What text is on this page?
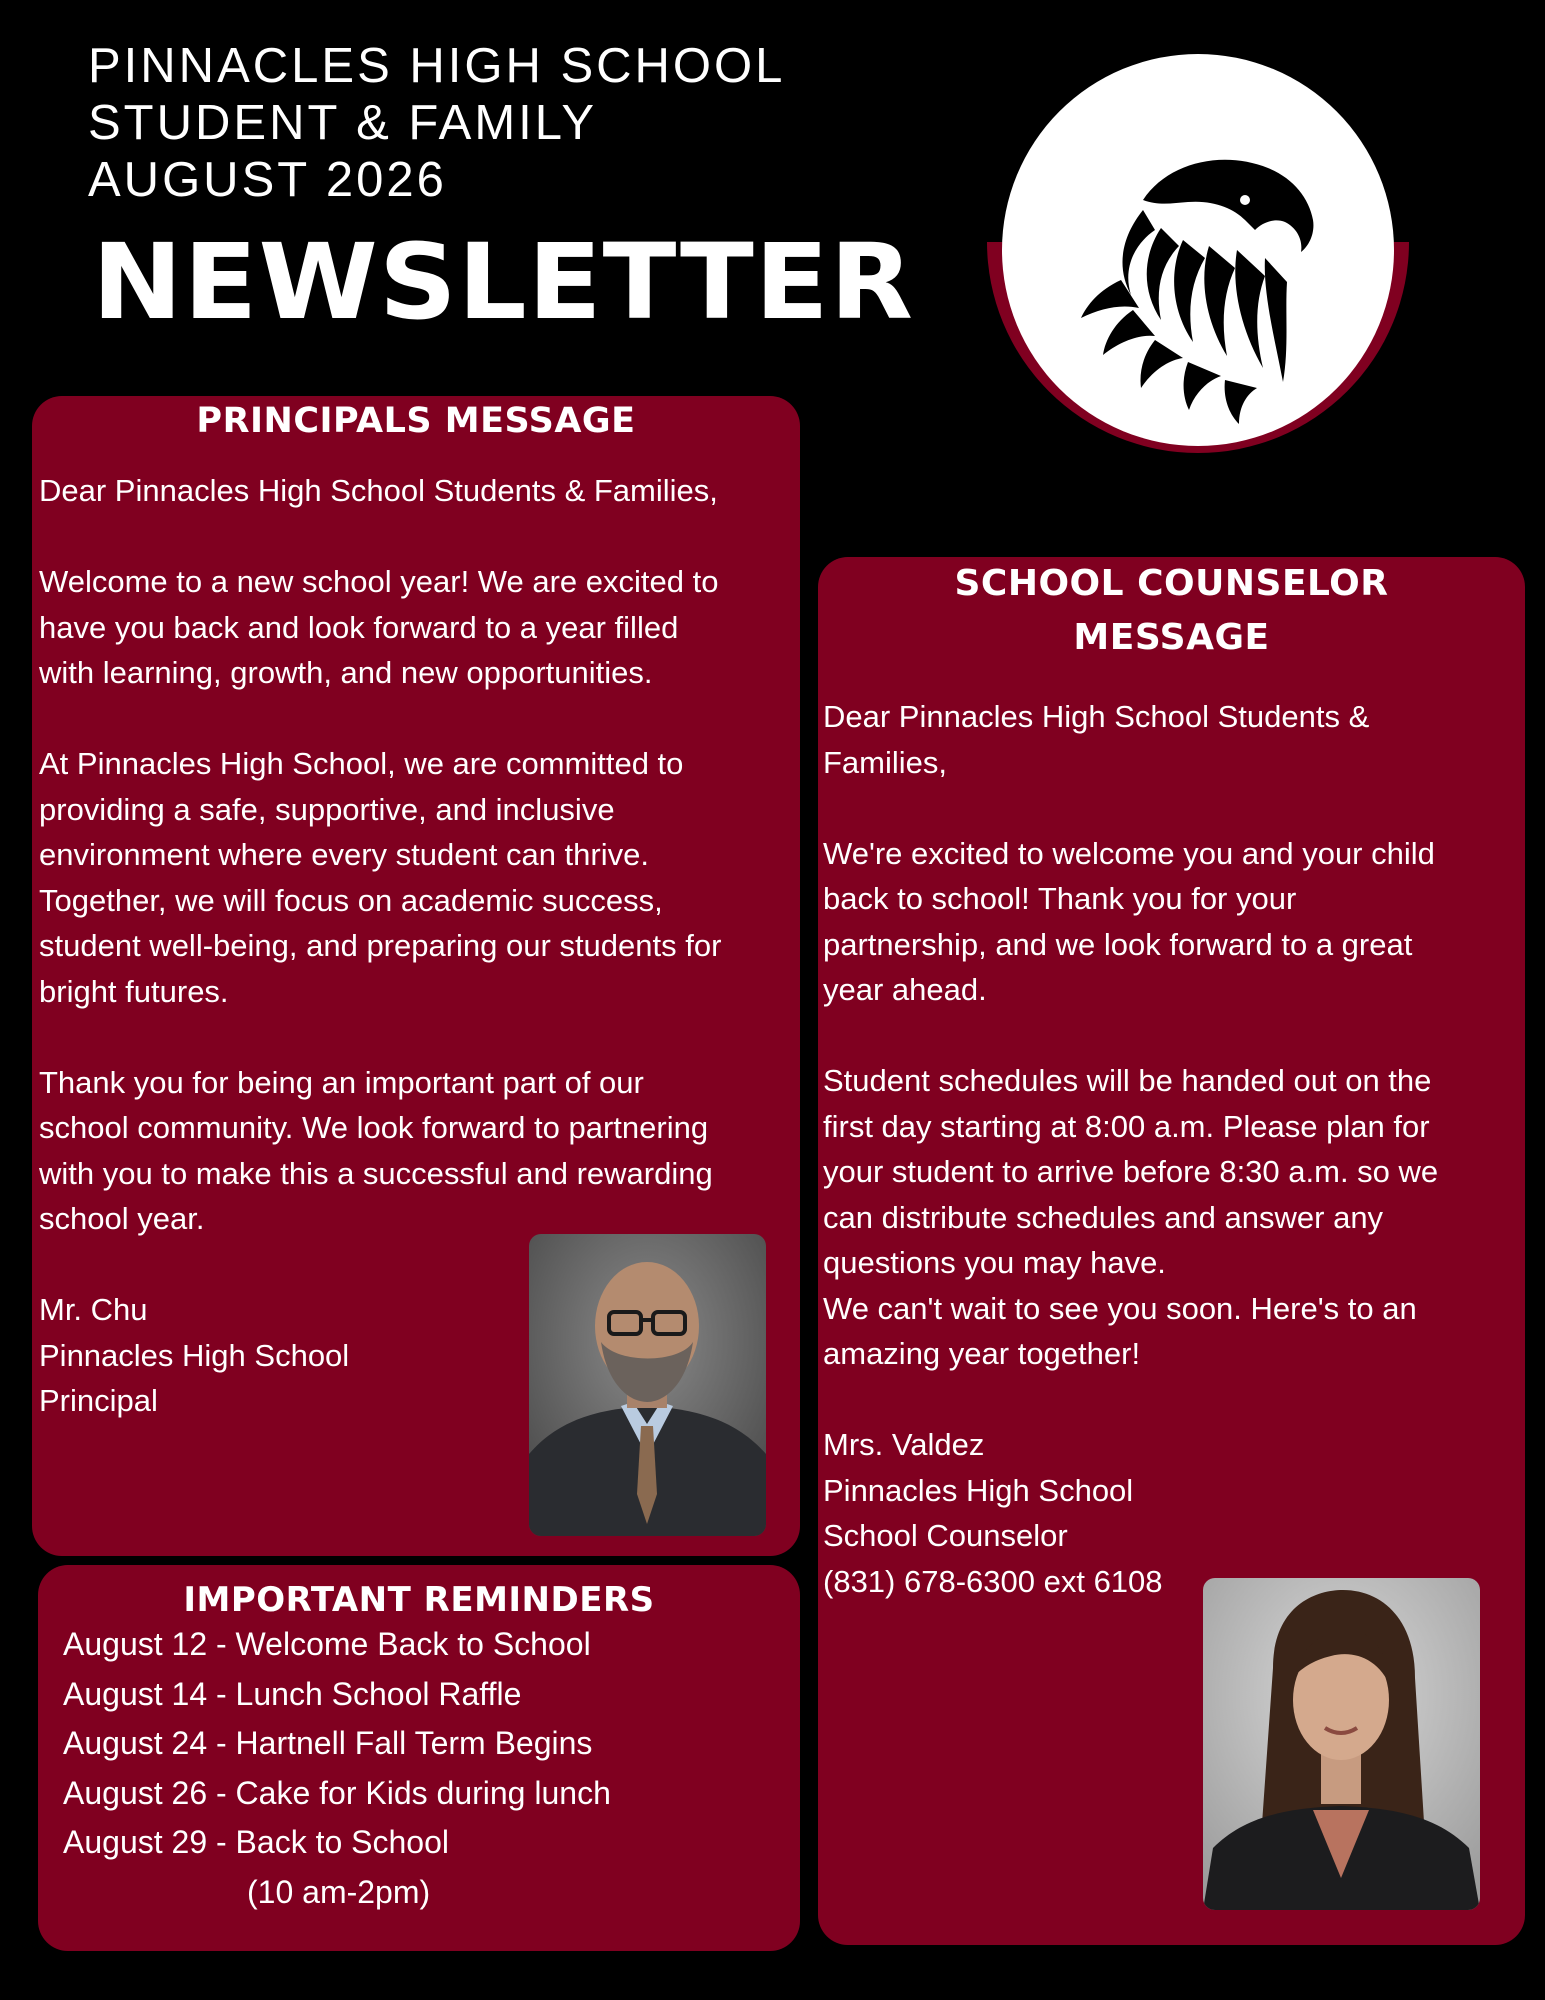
PINNACLES HIGH SCHOOL
STUDENT & FAMILY
AUGUST 2026
NEWSLETTER
PRINCIPALS MESSAGE

Dear Pinnacles High School Students & Families,

Welcome to a new school year! We are excited to

have you back and look forward to a year filled

with learning, growth, and new opportunities.

At Pinnacles High School, we are committed to

providing a safe, supportive, and inclusive

environment where every student can thrive.

Together, we will focus on academic success,

student well-being, and preparing our students for

bright futures.

Thank you for being an important part of our

school community. We look forward to partnering

with you to make this a successful and rewarding

school year.

Mr. Chu

Pinnacles High School

Principal

SCHOOL COUNSELOR
MESSAGE

Dear Pinnacles High School Students &

Families,

We're excited to welcome you and your child

back to school! Thank you for your

partnership, and we look forward to a great

year ahead.

Student schedules will be handed out on the

first day starting at 8:00 a.m. Please plan for

your student to arrive before 8:30 a.m. so we

can distribute schedules and answer any

questions you may have.

We can't wait to see you soon. Here's to an

amazing year together!

Mrs. Valdez

Pinnacles High School

School Counselor

(831) 678-6300 ext 6108

IMPORTANT REMINDERS
August 12 - Welcome Back to School
August 14 - Lunch School Raffle
August 24 - Hartnell Fall Term Begins
August 26 - Cake for Kids during lunch
August 29 - Back to School
(10 am-2pm)
